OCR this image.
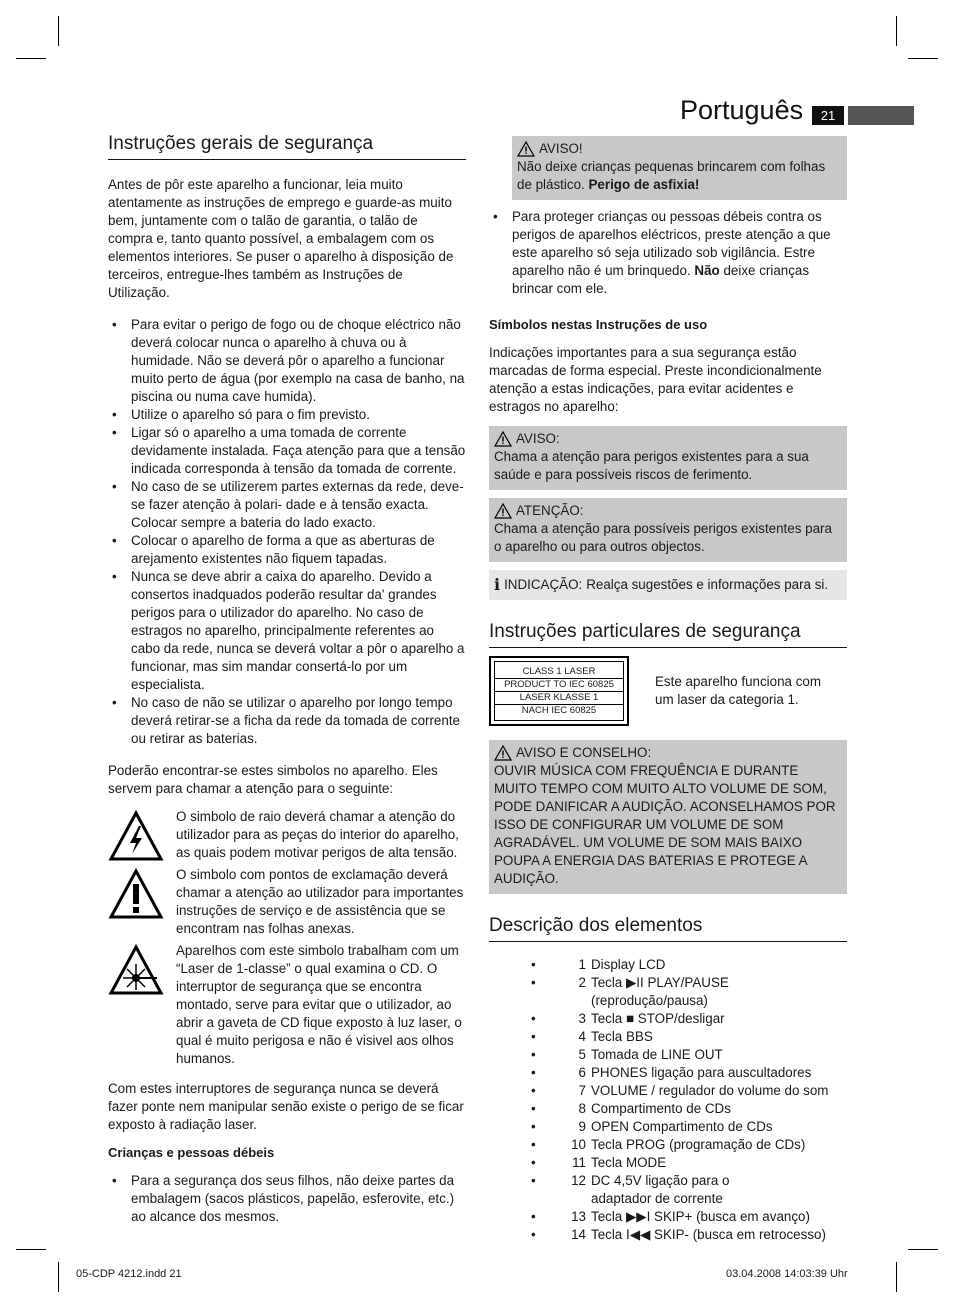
Português	21
Instruções gerais de segurança

Antes de pôr este aparelho a funcionar, leia muito atentamente as instruções de emprego e guarde-as muito bem, juntamente com o talão de garantia, o talão de compra e, tanto quanto possível, a embalagem com os elementos interiores. Se puser o aparelho à disposição de terceiros, entregue-lhes também as Instruções de Utilização.

• Para evitar o perigo de fogo ou de choque eléctrico não deverá colocar nunca o aparelho à chuva ou à humidade. Não se deverá pôr o aparelho a funcionar muito perto de água (por exemplo na casa de banho, na piscina ou numa cave humida).
• Utilize o aparelho só para o fim previsto.
• Ligar só o aparelho a uma tomada de corrente devidamente instalada. Faça atenção para que a tensão indicada corresponda à tensão da tomada de corrente.
• No caso de se utilizerem partes externas da rede, deve-se fazer atenção à polari- dade e à tensão exacta. Colocar sempre a bateria do lado exacto.
• Colocar o aparelho de forma a que as aberturas de arejamento existentes não fiquem tapadas.
• Nunca se deve abrir a caixa do aparelho. Devido a consertos inadquados poderão resultar da' grandes perigos para o utilizador do aparelho. No caso de estragos no aparelho, principalmente referentes ao cabo da rede, nunca se deverá voltar a pôr o aparelho a funcionar, mas sim mandar consertá-lo por um especialista.
• No caso de não se utilizar o aparelho por longo tempo deverá retirar-se a ficha da rede da tomada de corrente ou retirar as baterias.

Poderão encontrar-se estes simbolos no aparelho. Eles servem para chamar a atenção para o seguinte:

O simbolo de raio deverá chamar a atenção do utilizador para as peças do interior do aparelho, as quais podem motivar perigos de alta tensão.
O simbolo com pontos de exclamação deverá chamar a atenção ao utilizador para importantes instruções de serviço e de assistência que se encontram nas folhas anexas.
Aparelhos com este simbolo trabalham com um “Laser de 1-classe” o qual examina o CD. O interruptor de segurança que se encontra montado, serve para evitar que o utilizador, ao abrir a gaveta de CD fique exposto à luz laser, o qual é muito perigosa e não é visivel aos olhos humanos.

Com estes interruptores de segurança nunca se deverá fazer ponte nem manipular senão existe o perigo de se ficar exposto à radiação laser.

Crianças e pessoas débeis
• Para a segurança dos seus filhos, não deixe partes da embalagem (sacos plásticos, papelão, esferovite, etc.) ao alcance dos mesmos.
AVISO!
Não deixe crianças pequenas brincarem com folhas de plástico. Perigo de asfixia!
• Para proteger crianças ou pessoas débeis contra os perigos de aparelhos eléctricos, preste atenção a que este aparelho só seja utilizado sob vigilância. Estre aparelho não é um brinquedo. Não deixe crianças brincar com ele.
Símbolos nestas Instruções de uso

Indicações importantes para a sua segurança estão marcadas de forma especial. Preste incondicionalmente atenção a estas indicações, para evitar acidentes e estragos no aparelho:

AVISO:
Chama a atenção para perigos existentes para a sua saúde e para possíveis riscos de ferimento.
ATENÇÃO:
Chama a atenção para possíveis perigos existentes para o aparelho ou para outros objectos.
i INDICAÇÃO: Realça sugestões e informações para si.
Instruções particulares de segurança
CLASS 1 LASER
PRODUCT TO IEC 60825
LASER KLASSE 1
NACH IEC 60825
Este aparelho funciona com um laser da categoria 1.
AVISO E CONSELHO:
OUVIR MÚSICA COM FREQUÊNCIA E DURANTE MUITO TEMPO COM MUITO ALTO VOLUME DE SOM, PODE DANIFICAR A AUDIÇÃO. ACONSELHAMOS POR ISSO DE CONFIGURAR UM VOLUME DE SOM AGRADÁVEL. UM VOLUME DE SOM MAIS BAIXO POUPA A ENERGIA DAS BATERIAS E PROTEGE A AUDIÇÃO.
Descrição dos elementos
• 1 Display LCD
• 2 Tecla ▶II PLAY/PAUSE (reprodução/pausa)
• 3 Tecla ■ STOP/desligar
• 4 Tecla BBS
• 5 Tomada de LINE OUT
• 6 PHONES ligação para auscultadores
• 7 VOLUME / regulador do volume do som
• 8 Compartimento de CDs
• 9 OPEN Compartimento de CDs
• 10 Tecla PROG (programação de CDs)
• 11 Tecla MODE
• 12 DC 4,5V ligação para o adaptador de corrente
• 13 Tecla ▶▶I SKIP+ (busca em avanço)
• 14 Tecla I◀◀ SKIP- (busca em retrocesso)
05-CDP 4212.indd 21	03.04.2008 14:03:39 Uhr
